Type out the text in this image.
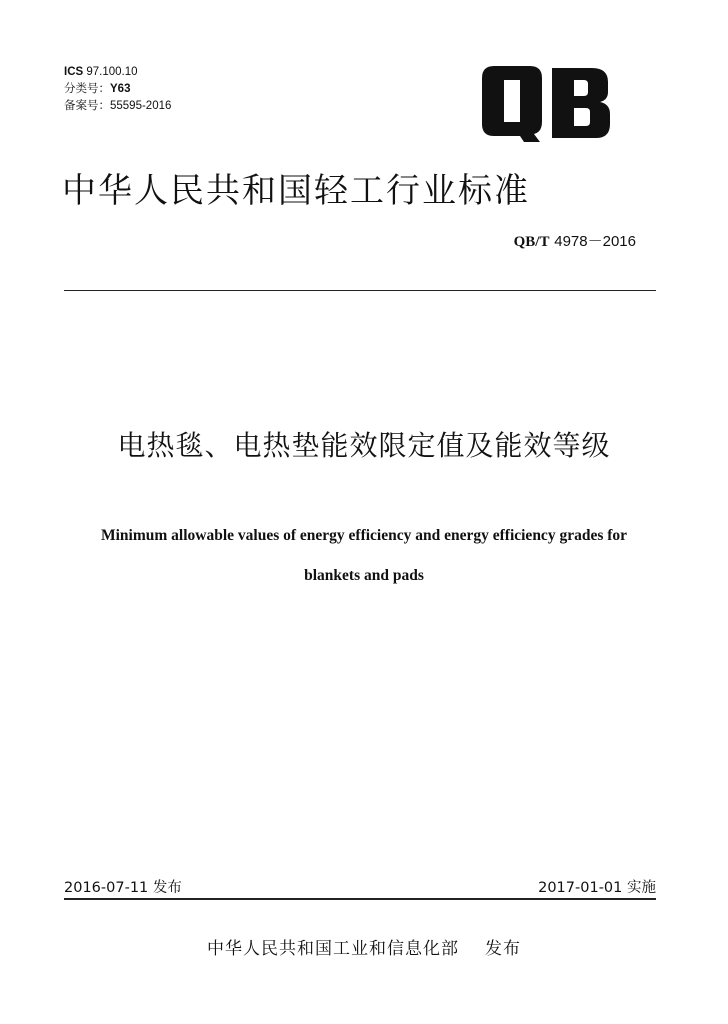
ICS 97.100.10
分类号：Y63
备案号：55595-2016
中华人民共和国轻工行业标准
QB/T 4978－2016
电热毯、电热垫能效限定值及能效等级
Minimum allowable values of energy efficiency and energy efficiency grades for
blankets and pads
2016-07-11 发布	2017-01-01 实施
中华人民共和国工业和信息化部 发布
